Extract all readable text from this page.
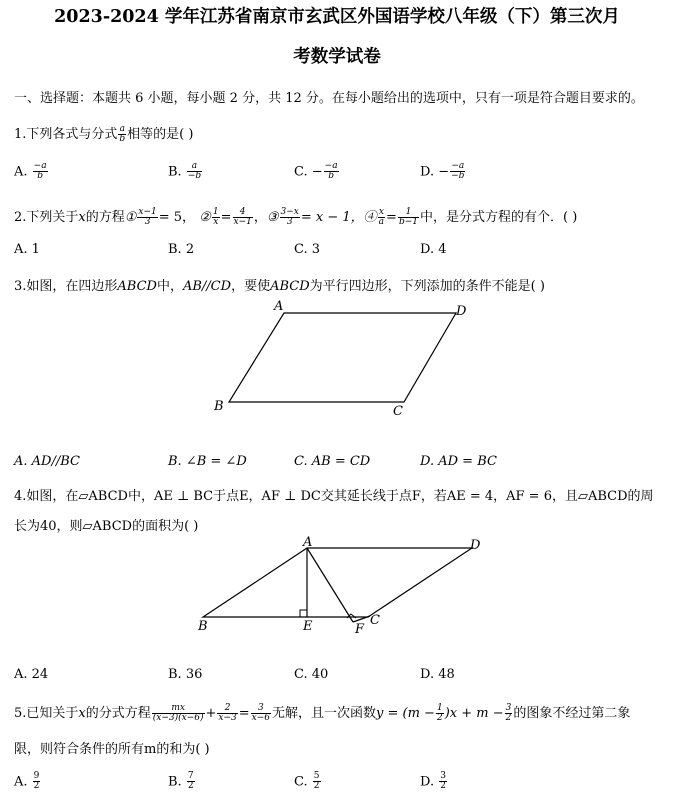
2023-2024 学年江苏省南京市玄武区外国语学校八年级（下）第三次月
考数学试卷
一、选择题：本题共 6 小题，每小题 2 分，共 12 分。在每小题给出的选项中，只有一项是符合题目要求的。
1.下列各式与分式 $\frac{a}{b}$ 相等的是( )
A. $\frac{-a}{b}$	B. $\frac{a}{-b}$	C. − $\frac{-a}{b}$	D. − $\frac{-a}{-b}$
2.下列关于x的方程① $\frac{x-1}{3} = 5$， ② $\frac{1}{x} = \frac{4}{x-1}$ ，③ $\frac{3-x}{3} = x - 1$，④ $\frac{x}{a} = \frac{1}{b-1}$ 中，是分式方程的有个．( )
A. 1	B. 2	C. 3	D. 4
3.如图，在四边形ABCD中，AB//CD，要使ABCD为平行四边形，下列添加的条件不能是( )
A	D
B	C
A. AD//BC	B. ∠B = ∠D	C. AB = CD	D. AD = BC
4.如图，在▱ABCD中，AE ⊥ BC于点E，AF ⊥ DC交其延长线于点F，若AE = 4，AF = 6，且▱ABCD的周
长为40，则▱ABCD的面积为( )
A	D
B	E	F
C
A. 24	B. 36	C. 40	D. 48
5.已知关于x的分式方程 $\frac{mx}{(x-3)(x-6)} + \frac{2}{x-3} = \frac{3}{x-6}$ 无解，且一次函数$y = (m - \frac{1}{2} )x + m - \frac{3}{2}$ 的图象不经过第二象
限，则符合条件的所有m的和为( )
A. $\frac{9}{2}$	B. $\frac{7}{2}$	C. $\frac{5}{2}$	D. $\frac{3}{2}$
